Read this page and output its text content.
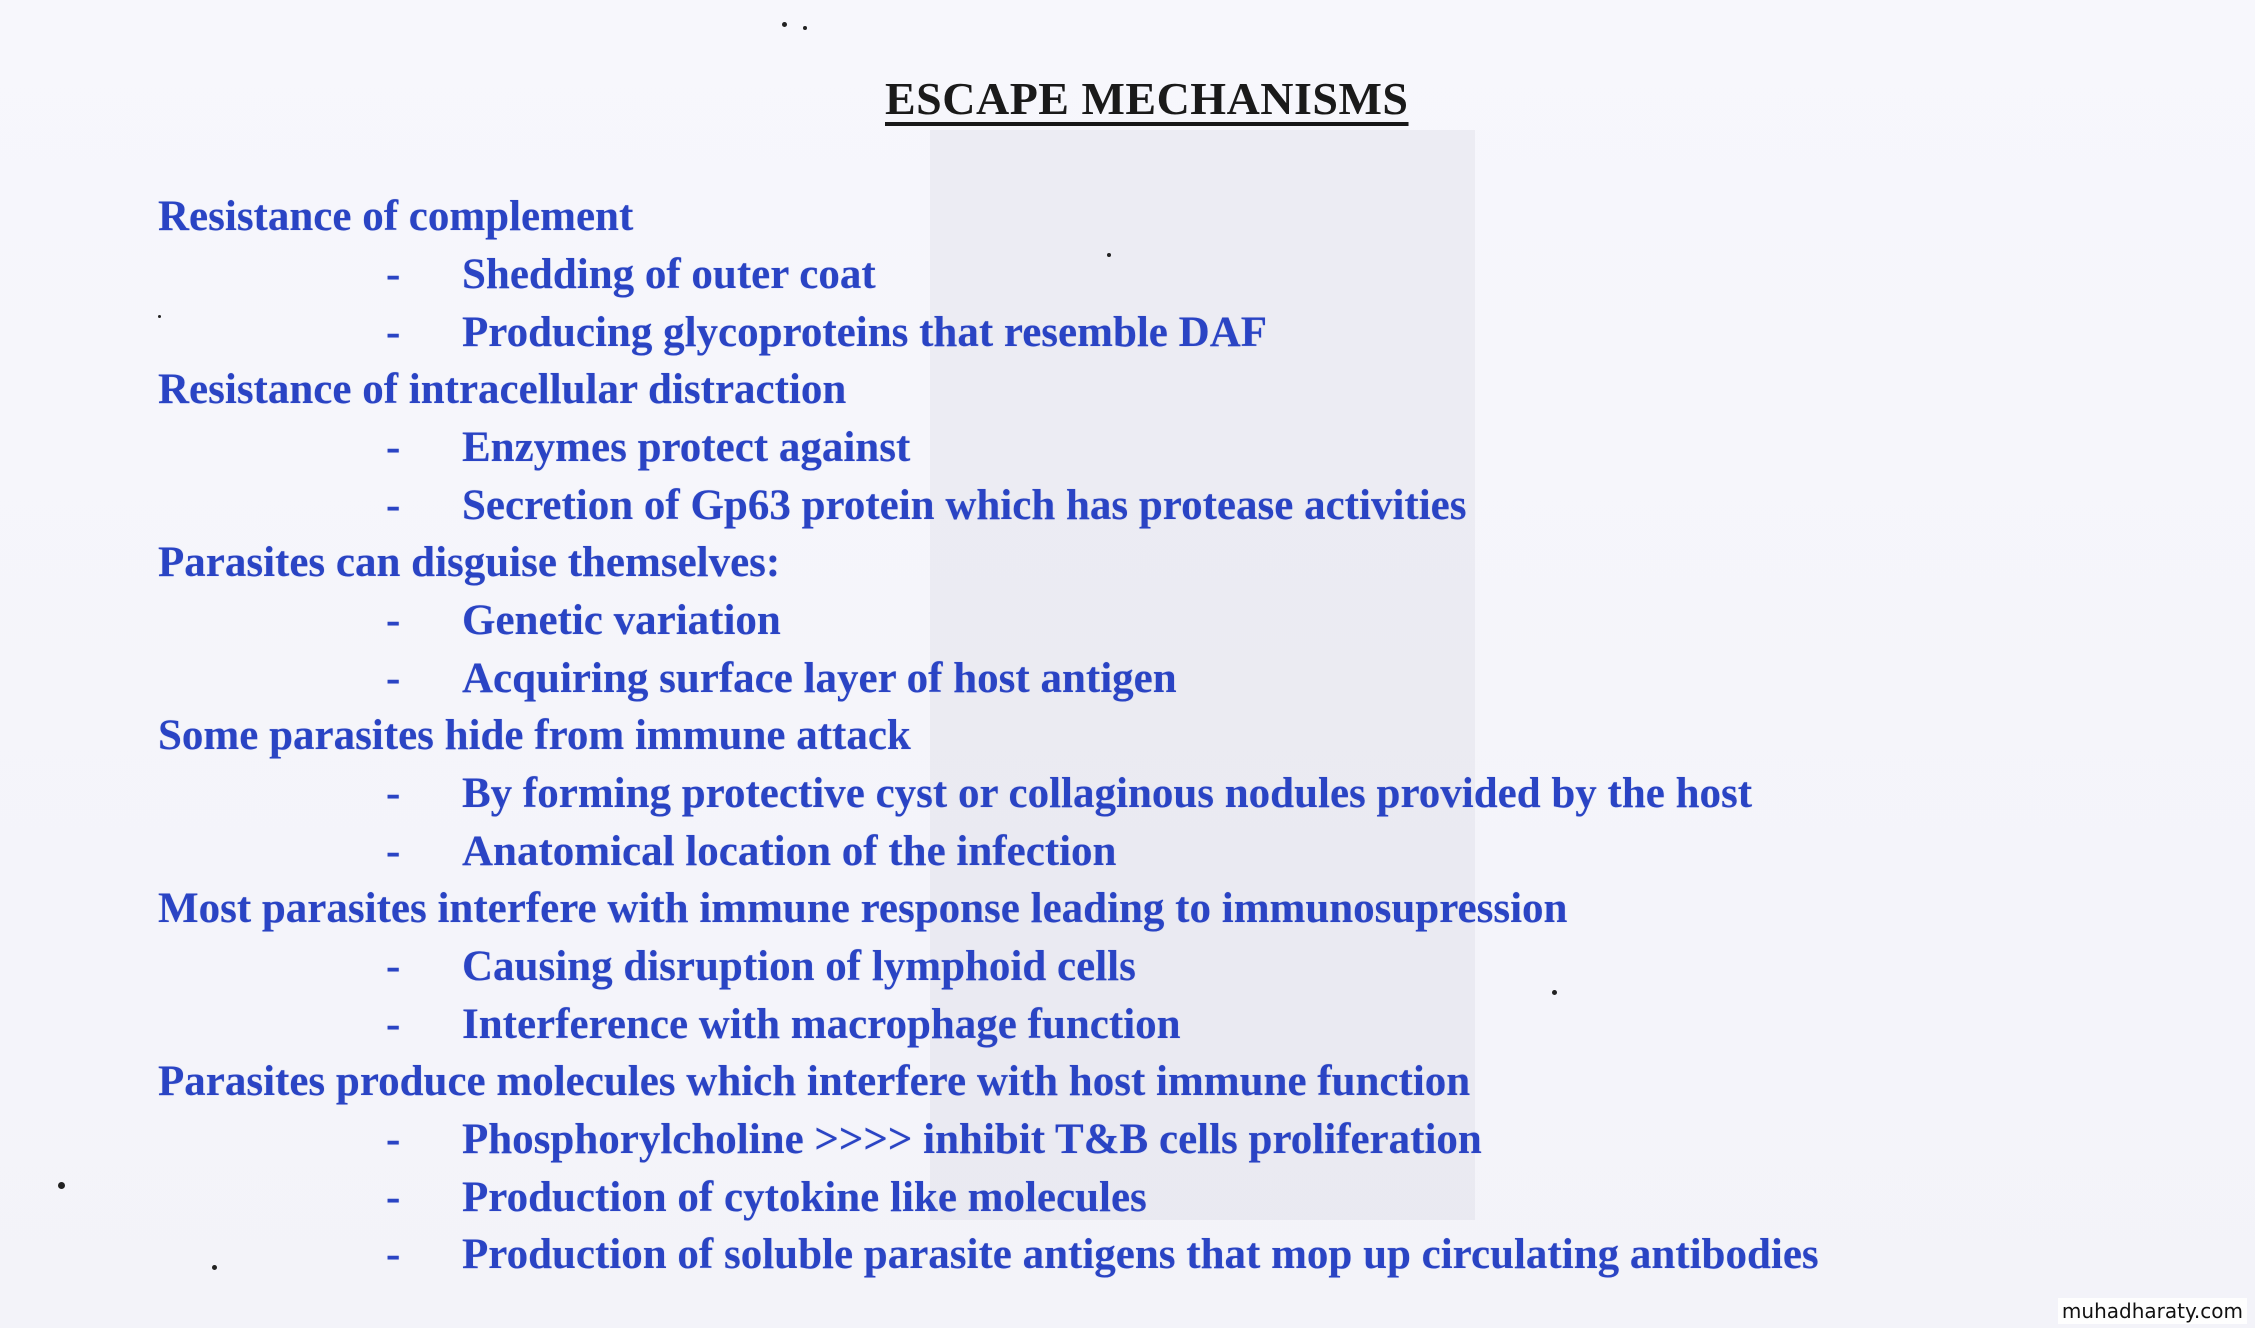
ESCAPE MECHANISMS
Resistance of complement
- Shedding of outer coat
- Producing glycoproteins that resemble DAF
Resistance of intracellular distraction
- Enzymes protect against
- Secretion of Gp63 protein which has protease activities
Parasites can disguise themselves:
- Genetic variation
- Acquiring surface layer of host antigen
Some parasites hide from immune attack
- By forming protective cyst or collaginous nodules provided by the host
- Anatomical location of the infection
Most parasites interfere with immune response leading to immunosupression
- Causing disruption of lymphoid cells
- Interference with macrophage function
Parasites produce molecules which interfere with host immune function
- Phosphorylcholine >>>> inhibit T&B cells proliferation
- Production of cytokine like molecules
- Production of soluble parasite antigens that mop up circulating antibodies
muhadharaty.com
